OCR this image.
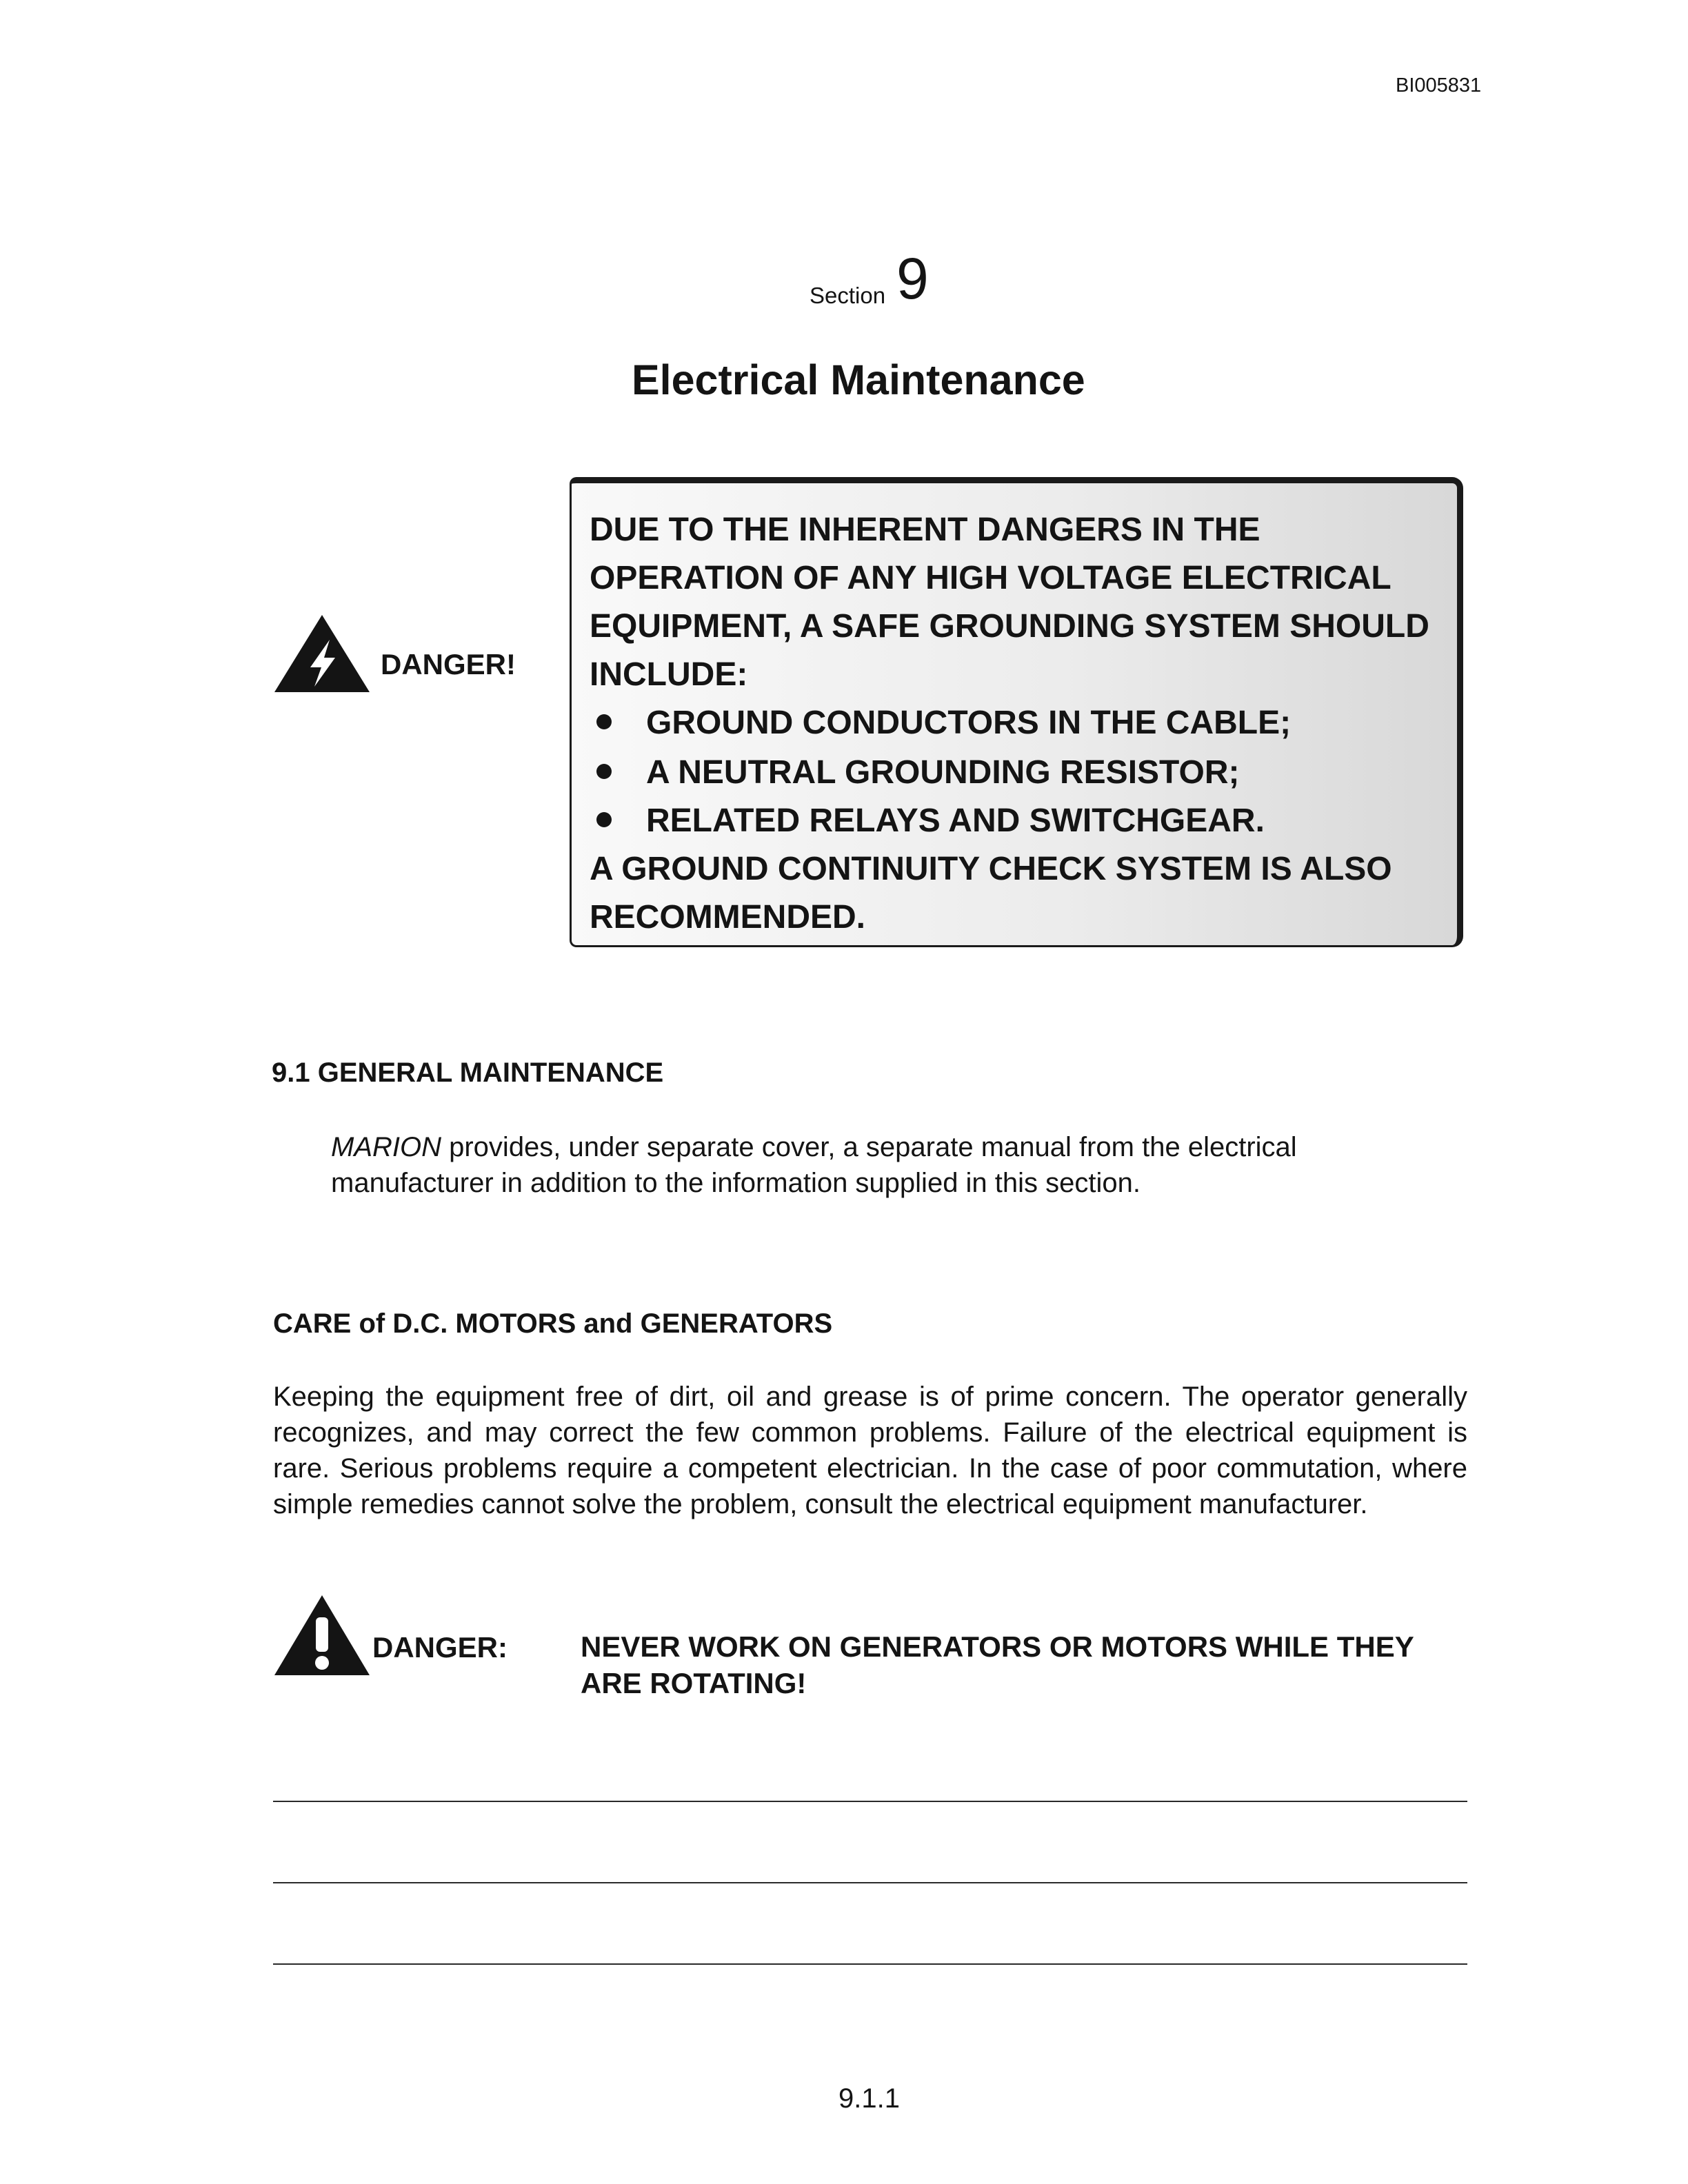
BI005831
Section 9
Electrical Maintenance
DANGER!
DUE TO THE INHERENT DANGERS IN THE
OPERATION OF ANY HIGH VOLTAGE ELECTRICAL
EQUIPMENT, A SAFE GROUNDING SYSTEM SHOULD
INCLUDE:
GROUND CONDUCTORS IN THE CABLE;
A NEUTRAL GROUNDING RESISTOR;
RELATED RELAYS AND SWITCHGEAR.
A GROUND CONTINUITY CHECK SYSTEM IS ALSO
RECOMMENDED.
9.1 GENERAL MAINTENANCE
MARION provides, under separate cover, a separate manual from the electrical manufacturer in addition to the information supplied in this section.
CARE of D.C. MOTORS and GENERATORS
Keeping the equipment free of dirt, oil and grease is of prime concern. The operator generally recognizes, and may correct the few common problems. Failure of the electrical equipment is rare. Serious problems require a competent electrician. In the case of poor commutation, where simple remedies cannot solve the problem, consult the electrical equipment manufacturer.
DANGER:	NEVER WORK ON GENERATORS OR MOTORS WHILE THEY ARE ROTATING!
9.1.1
